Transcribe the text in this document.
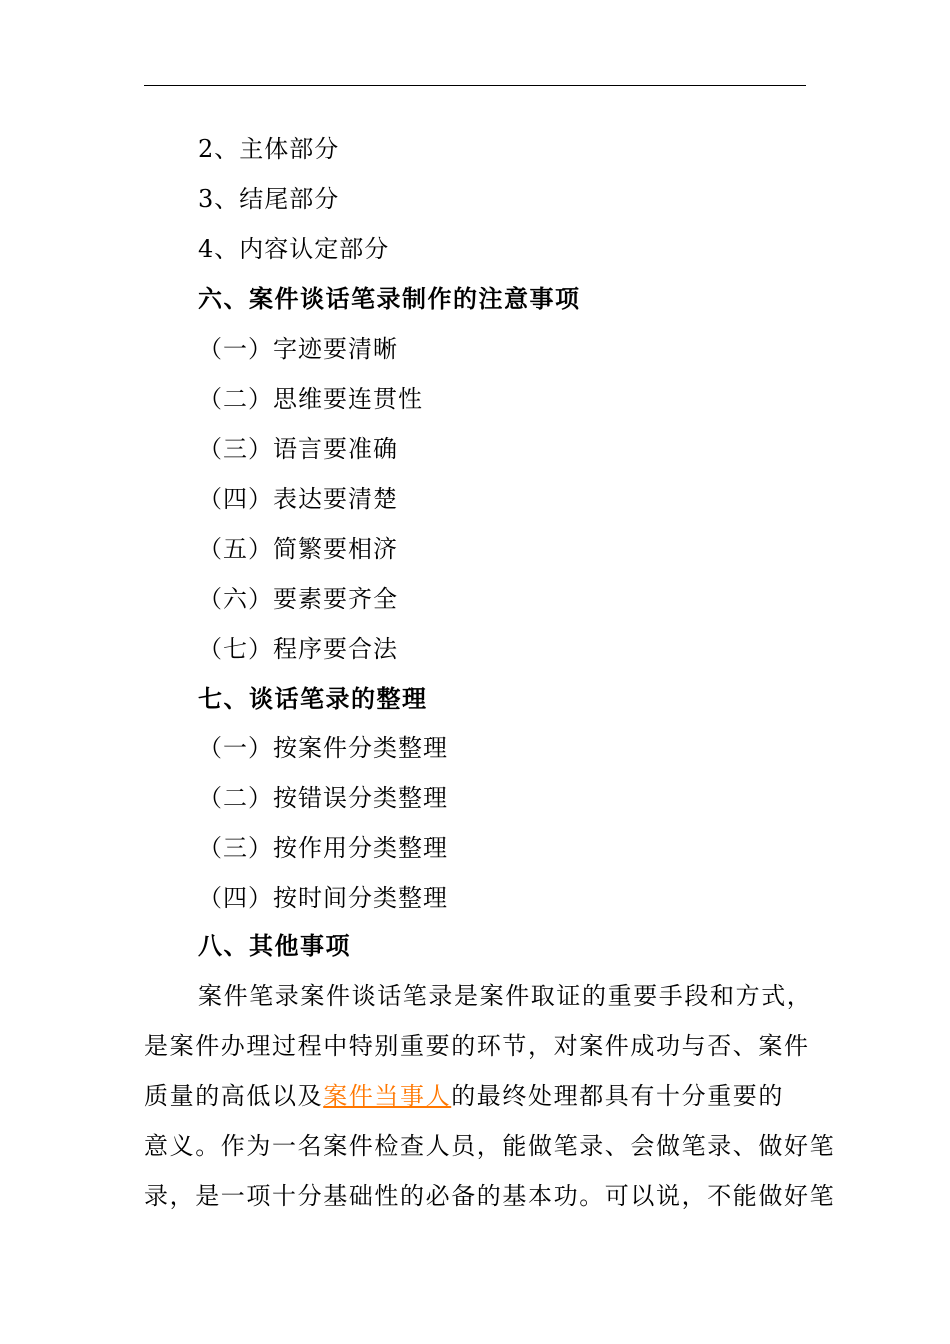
2、主体部分
3、结尾部分
4、内容认定部分
六、案件谈话笔录制作的注意事项
（一）字迹要清晰
（二）思维要连贯性
（三）语言要准确
（四）表达要清楚
（五）简繁要相济
（六）要素要齐全
（七）程序要合法
七、谈话笔录的整理
（一）按案件分类整理
（二）按错误分类整理
（三）按作用分类整理
（四）按时间分类整理
八、其他事项
案件笔录案件谈话笔录是案件取证的重要手段和方式，
是案件办理过程中特别重要的环节，对案件成功与否、案件
质量的高低以及案件当事人的最终处理都具有十分重要的
意义。作为一名案件检查人员，能做笔录、会做笔录、做好笔
录，是一项十分基础性的必备的基本功。可以说，不能做好笔
